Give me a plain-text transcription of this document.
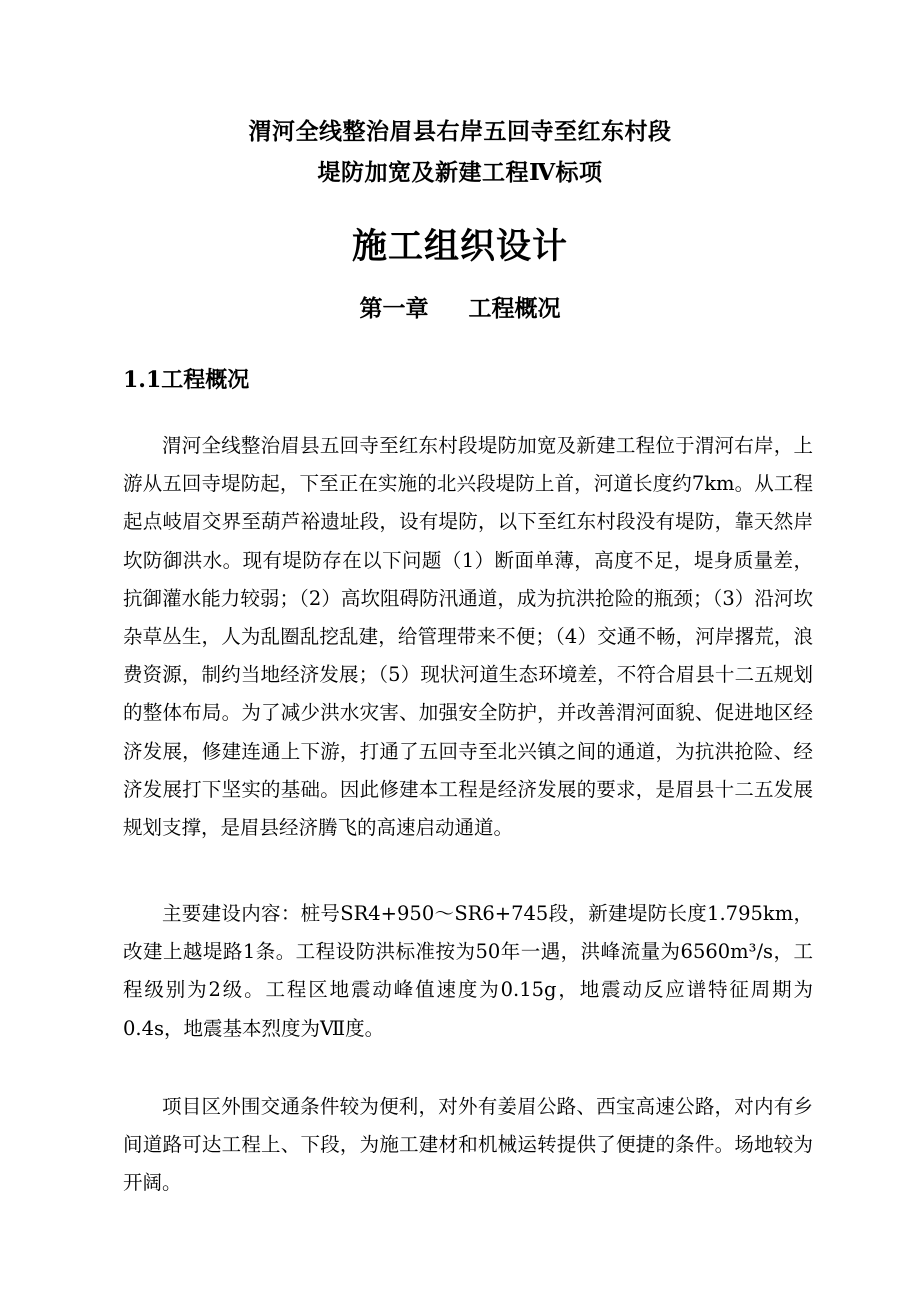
渭河全线整治眉县右岸五回寺至红东村段
堤防加宽及新建工程Ⅳ标项
施工组织设计
第一章 工程概况
1.1工程概况

渭河全线整治眉县五回寺至红东村段堤防加宽及新建工程位于渭河右岸，上游从五回寺堤防起，下至正在实施的北兴段堤防上首，河道长度约7km。从工程起点岐眉交界至葫芦裕遗址段，设有堤防，以下至红东村段没有堤防，靠天然岸坎防御洪水。现有堤防存在以下问题（1）断面单薄，高度不足，堤身质量差，抗御灌水能力较弱；（2）高坎阻碍防汛通道，成为抗洪抢险的瓶颈；（3）沿河坎杂草丛生，人为乱圈乱挖乱建，给管理带来不便；（4）交通不畅，河岸撂荒，浪费资源，制约当地经济发展；（5）现状河道生态环境差，不符合眉县十二五规划的整体布局。为了减少洪水灾害、加强安全防护，并改善渭河面貌、促进地区经济发展，修建连通上下游，打通了五回寺至北兴镇之间的通道，为抗洪抢险、经济发展打下坚实的基础。因此修建本工程是经济发展的要求，是眉县十二五发展规划支撑，是眉县经济腾飞的高速启动通道。

主要建设内容：桩号SR4+950～SR6+745段，新建堤防长度1.795km，改建上越堤路1条。工程设防洪标准按为50年一遇，洪峰流量为6560m³/s，工程级别为2级。工程区地震动峰值速度为0.15g，地震动反应谱特征周期为0.4s，地震基本烈度为Ⅶ度。

项目区外围交通条件较为便利，对外有姜眉公路、西宝高速公路，对内有乡间道路可达工程上、下段，为施工建材和机械运转提供了便捷的条件。场地较为开阔。
